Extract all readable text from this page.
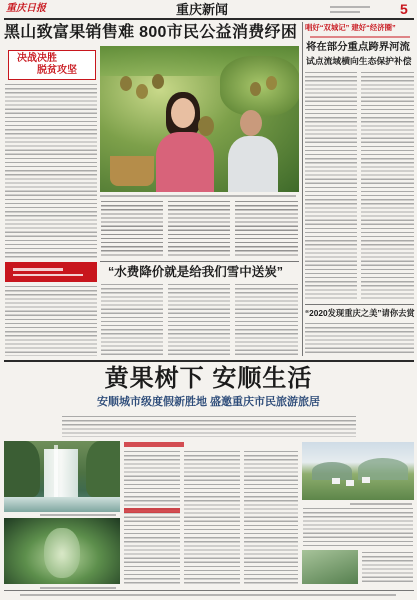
重庆日报	重庆新闻	5
黑山致富果销售难 800市民公益消费纾困
决战决胜
脱贫攻坚
“水费降价就是给我们雪中送炭”
唱好“双城记” 建好“经济圈”
将在部分重点跨界河流
试点流域横向生态保护补偿
“2020发现重庆之美”请你去赏
黄果树下 安顺生活
安顺城市级度假新胜地 盛邀重庆市民旅游旅居
